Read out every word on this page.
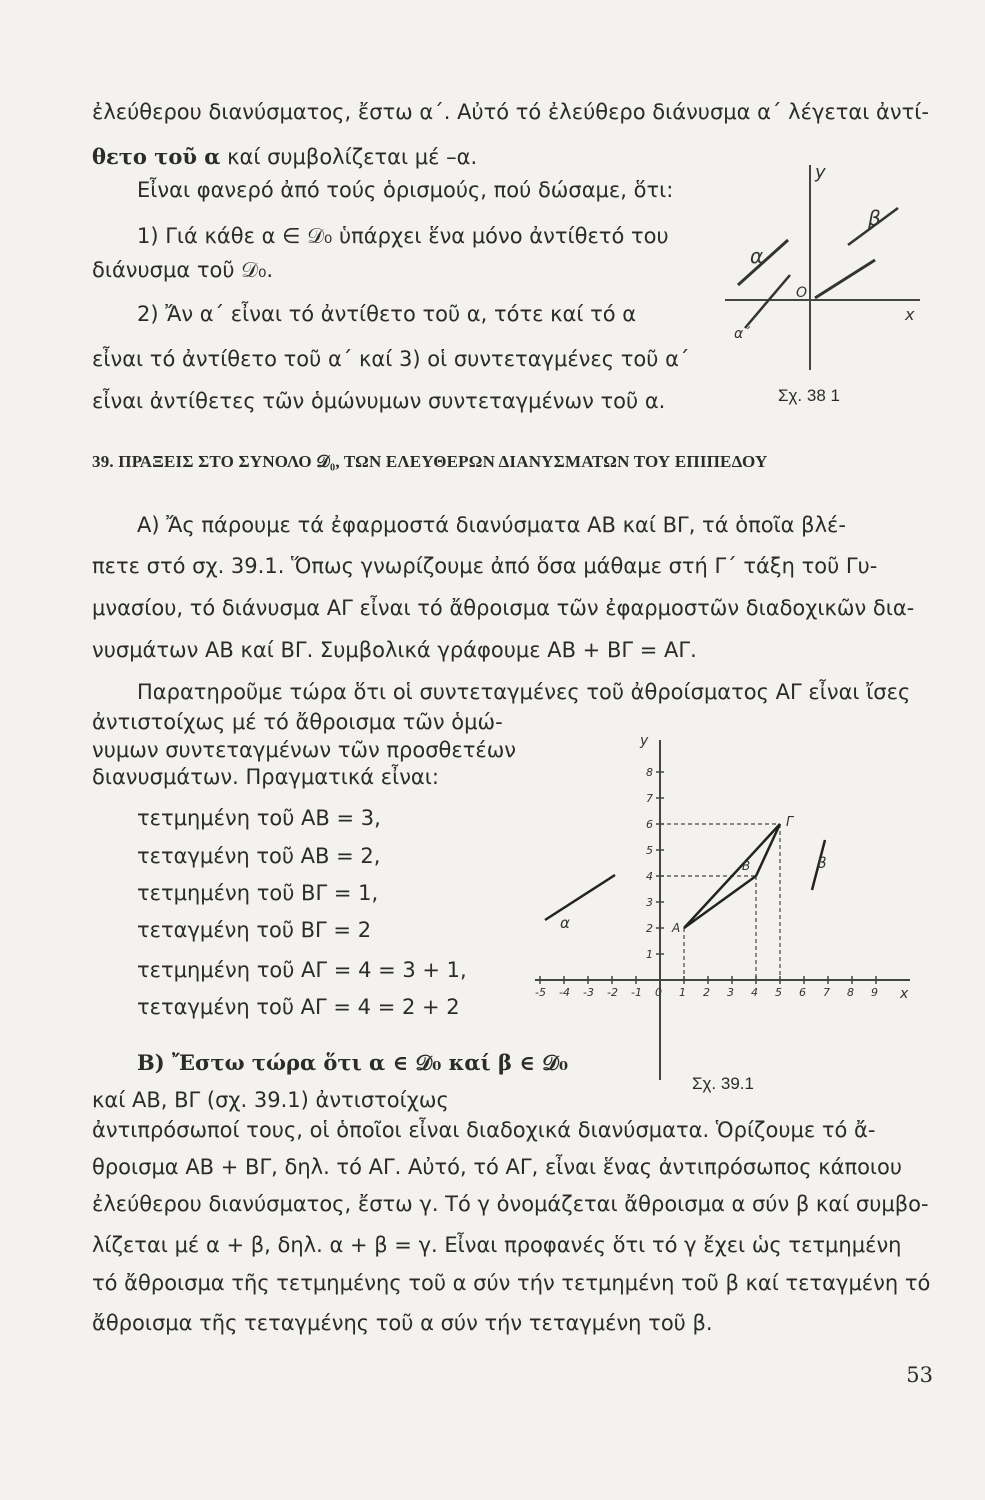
ἐλεύθερου διανύσματος, ἔστω α΄. Αὐτό τό ἐλεύθερο διάνυσμα α΄ λέγεται ἀντί-
θετο τοῦ α καί συμβολίζεται μέ –α.
Εἶναι φανερό ἀπό τούς ὁρισμούς, πού δώσαμε, ὅτι:
1) Γιά κάθε α ∈ 𝒟₀ ὑπάρχει ἕνα μόνο ἀντίθετό του
διάνυσμα τοῦ 𝒟₀.
2) Ἄν α΄ εἶναι τό ἀντίθετο τοῦ α, τότε καί τό α
εἶναι τό ἀντίθετο τοῦ α΄ καί 3) οἱ συντεταγμένες τοῦ α΄
εἶναι ἀντίθετες τῶν ὁμώνυμων συντεταγμένων τοῦ α.
y
x
O
α
α΄
β
Σχ. 38 1
39. ΠΡΑΞΕΙΣ ΣΤΟ ΣΥΝΟΛΟ 𝒟₀, ΤΩΝ ΕΛΕΥΘΕΡΩΝ ΔΙΑΝΥΣΜΑΤΩΝ ΤΟΥ ΕΠΙΠΕΔΟΥ
Α) Ἄς πάρουμε τά ἐφαρμοστά διανύσματα ΑΒ καί ΒΓ, τά ὁποῖα βλέ-
πετε στό σχ. 39.1. Ὅπως γνωρίζουμε ἀπό ὅσα μάθαμε στή Γ΄ τάξη τοῦ Γυ-
μνασίου, τό διάνυσμα ΑΓ εἶναι τό ἄθροισμα τῶν ἐφαρμοστῶν διαδοχικῶν δια-
νυσμάτων ΑΒ καί ΒΓ. Συμβολικά γράφουμε ΑΒ + ΒΓ = ΑΓ.
Παρατηροῦμε τώρα ὅτι οἱ συντεταγμένες τοῦ ἀθροίσματος ΑΓ εἶναι ἴσες
ἀντιστοίχως μέ τό ἄθροισμα τῶν ὁμώ-
νυμων συντεταγμένων τῶν προσθετέων
διανυσμάτων. Πραγματικά εἶναι:
τετμημένη τοῦ ΑΒ = 3,
τεταγμένη τοῦ ΑΒ = 2,
τετμημένη τοῦ ΒΓ = 1,
τεταγμένη τοῦ ΒΓ = 2
τετμημένη τοῦ ΑΓ = 4 = 3 + 1,
τεταγμένη τοῦ ΑΓ = 4 = 2 + 2
-5 -4 -3 -2 -1 0 1 2 3 4 5 6 7 8 9
1
2
3
4
5
6
7
8
y
x
A
B
Γ
α
β
Σχ. 39.1
Β) Ἔστω τώρα ὅτι α ∈ 𝒟₀ καί β ∈ 𝒟₀
καί ΑΒ, ΒΓ (σχ. 39.1) ἀντιστοίχως
ἀντιπρόσωποί τους, οἱ ὁποῖοι εἶναι διαδοχικά διανύσματα. Ὁρίζουμε τό ἄ-
θροισμα ΑΒ + ΒΓ, δηλ. τό ΑΓ. Αὐτό, τό ΑΓ, εἶναι ἕνας ἀντιπρόσωπος κάποιου
ἐλεύθερου διανύσματος, ἔστω γ. Τό γ ὀνομάζεται ἄθροισμα α σύν β καί συμβο-
λίζεται μέ α + β, δηλ. α + β = γ. Εἶναι προφανές ὅτι τό γ ἔχει ὡς τετμημένη
τό ἄθροισμα τῆς τετμημένης τοῦ α σύν τήν τετμημένη τοῦ β καί τεταγμένη τό
ἄθροισμα τῆς τεταγμένης τοῦ α σύν τήν τεταγμένη τοῦ β.
53
